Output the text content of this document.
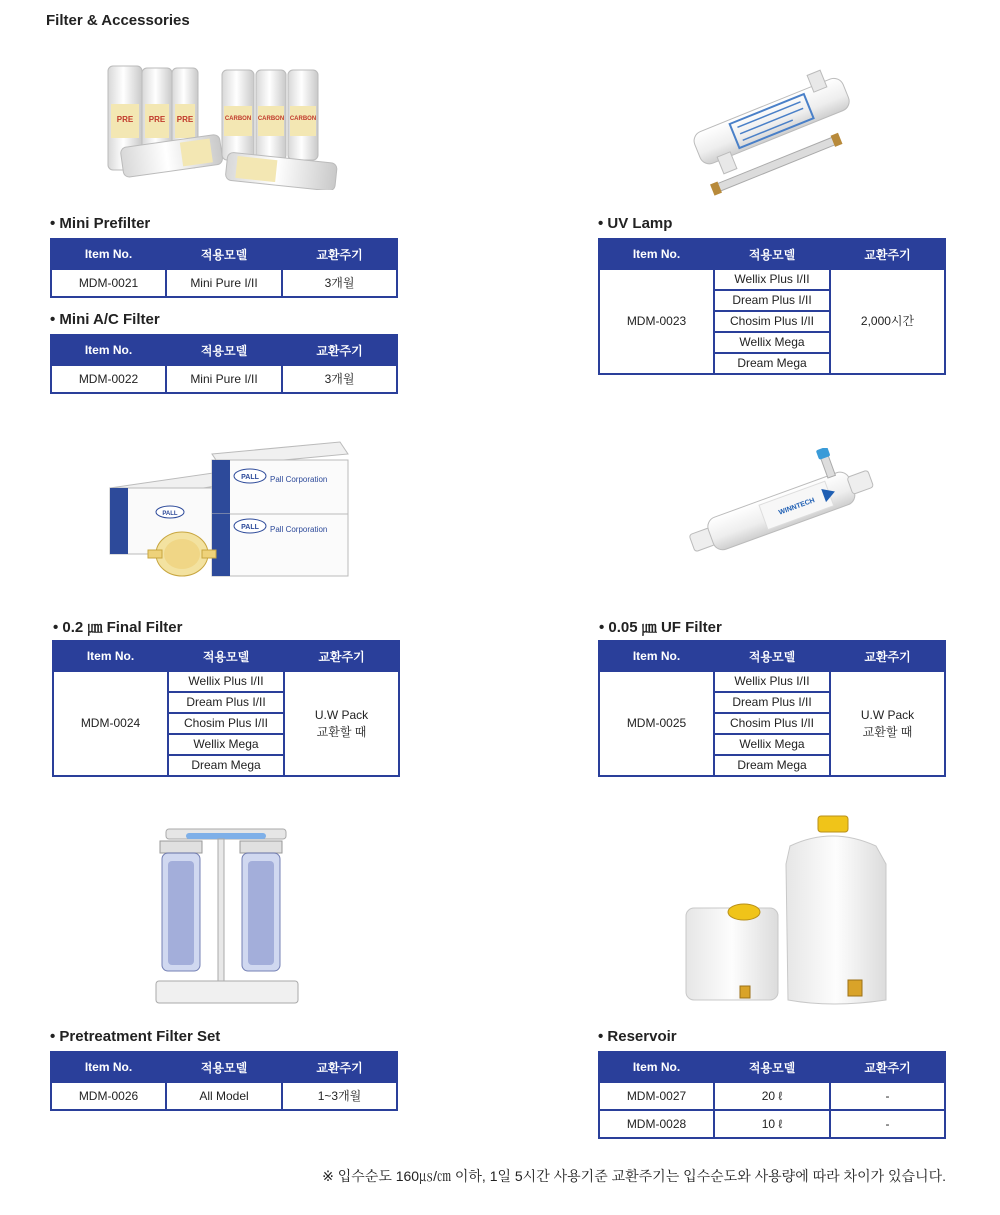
Filter & Accessories
PRE PRE PRE	CARBON CARBON CARBON
PALL
PALL Pall Corporation
PALL Pall Corporation
WINNTECH
• Mini Prefilter
• Mini A/C Filter
• UV Lamp
• 0.2 ㎛ Final Filter	• 0.05 ㎛ UF Filter
• Pretreatment Filter Set	• Reservoir
Item No.	적용모델	교환주기
MDM-0021	Mini Pure I/II	3개월
Item No.	적용모델	교환주기
MDM-0022	Mini Pure I/II	3개월
Item No.	적용모델	교환주기
MDM-0023	Wellix Plus I/II	2,000시간
	Dream Plus I/II	
	Chosim Plus I/II	
	Wellix Mega	
	Dream Mega	
Item No.	적용모델	교환주기
MDM-0024	Wellix Plus I/II	U.W Pack
교환할 때

	Dream Plus I/II	
	Chosim Plus I/II	
	Wellix Mega	
	Dream Mega	
Item No.	적용모델	교환주기
MDM-0025	Wellix Plus I/II	U.W Pack
교환할 때

	Dream Plus I/II	
	Chosim Plus I/II	
	Wellix Mega	
	Dream Mega	
Item No.	적용모델	교환주기
MDM-0026	All Model	1~3개월
Item No.	적용모델	교환주기
MDM-0027	20 ℓ	-
MDM-0028	10 ℓ	-
※ 입수순도 160㎲/㎝ 이하, 1일 5시간 사용기준 교환주기는 입수순도와 사용량에 따라 차이가 있습니다.
